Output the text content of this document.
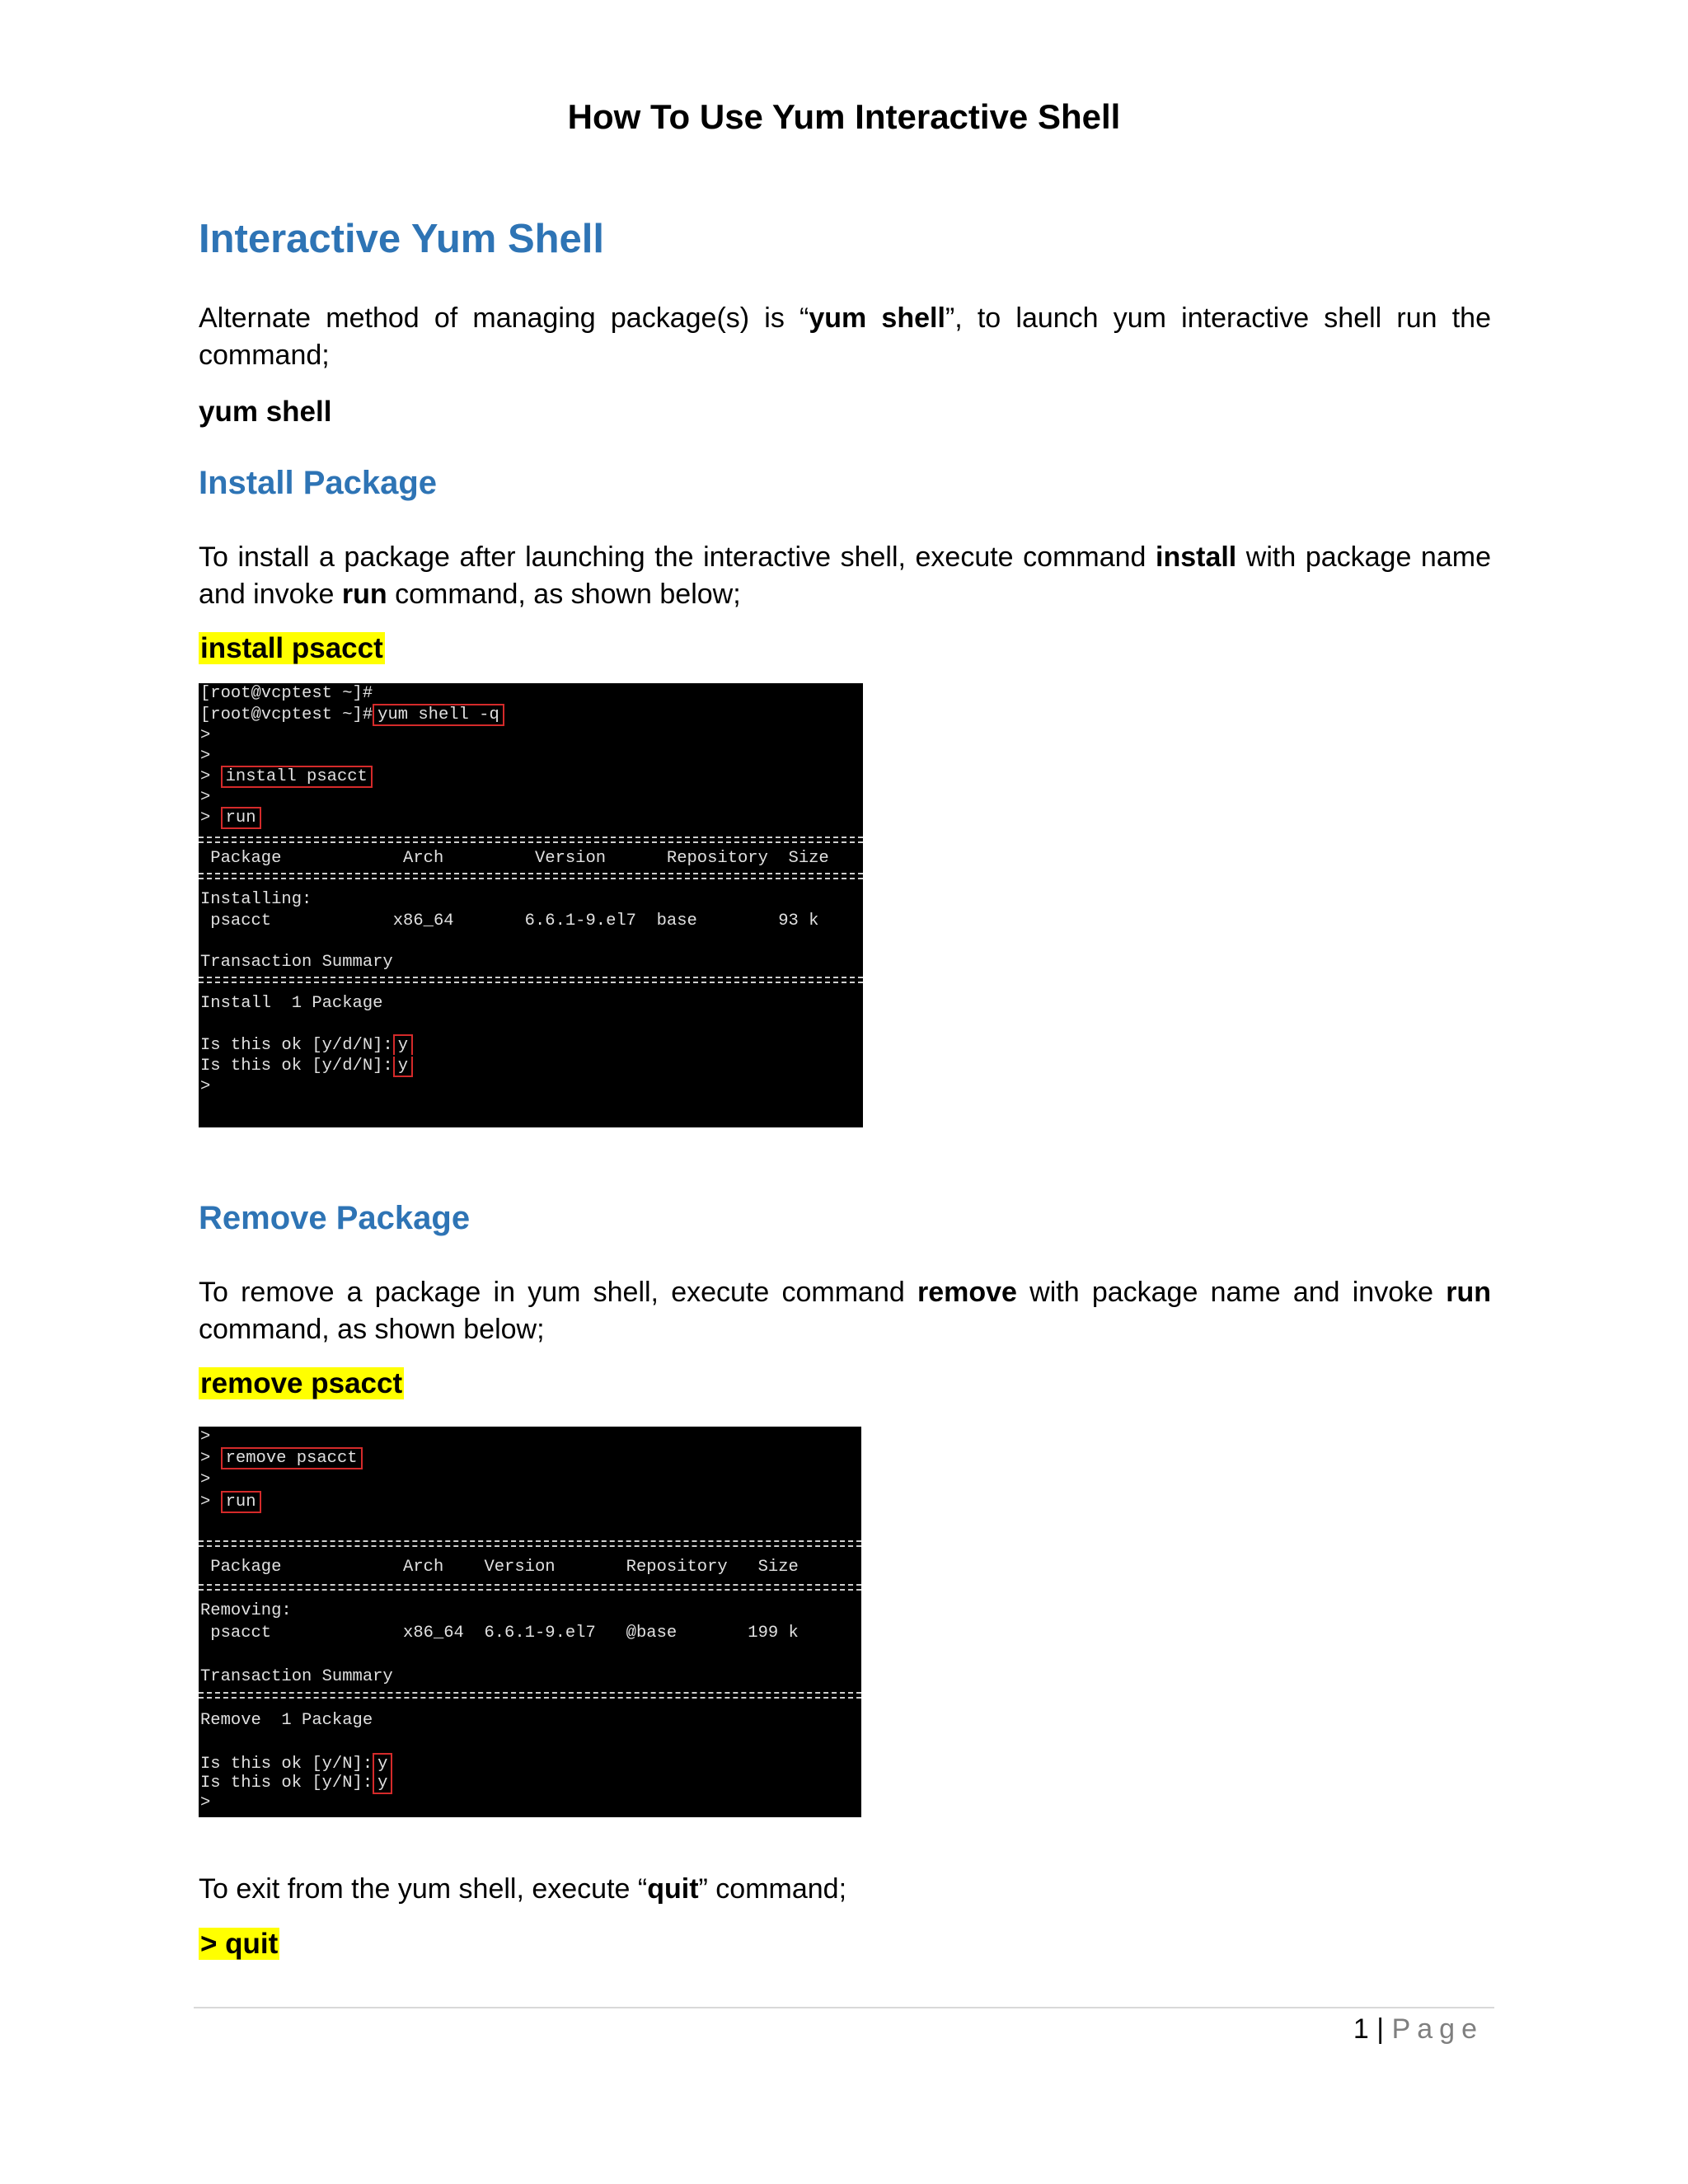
How To Use Yum Interactive Shell
Interactive Yum Shell
Alternate method of managing package(s) is “yum shell”, to launch yum interactive shell run the command;
yum shell
Install Package
To install a package after launching the interactive shell, execute command install with package name and invoke run command, as shown below;
install psacct
[root@vcptest ~]#
[root@vcptest ~]# yum shell -q
>
>
> install psacct
>
> run
Package            Arch         Version      Repository  Size
Installing:
psacct            x86_64       6.6.1-9.el7  base        93 k
Transaction Summary
Install  1 Package
Is this ok [y/d/N]: y
Is this ok [y/d/N]: y
>
Remove Package
To remove a package in yum shell, execute command remove with package name and invoke run command, as shown below;
remove psacct
>
> remove psacct
>
> run
Package            Arch    Version       Repository   Size
Removing:
psacct             x86_64  6.6.1-9.el7   @base       199 k
Transaction Summary
Remove  1 Package
Is this ok [y/N]: y
Is this ok [y/N]: y
>
To exit from the yum shell, execute “quit” command;
> quit
1 | Page
